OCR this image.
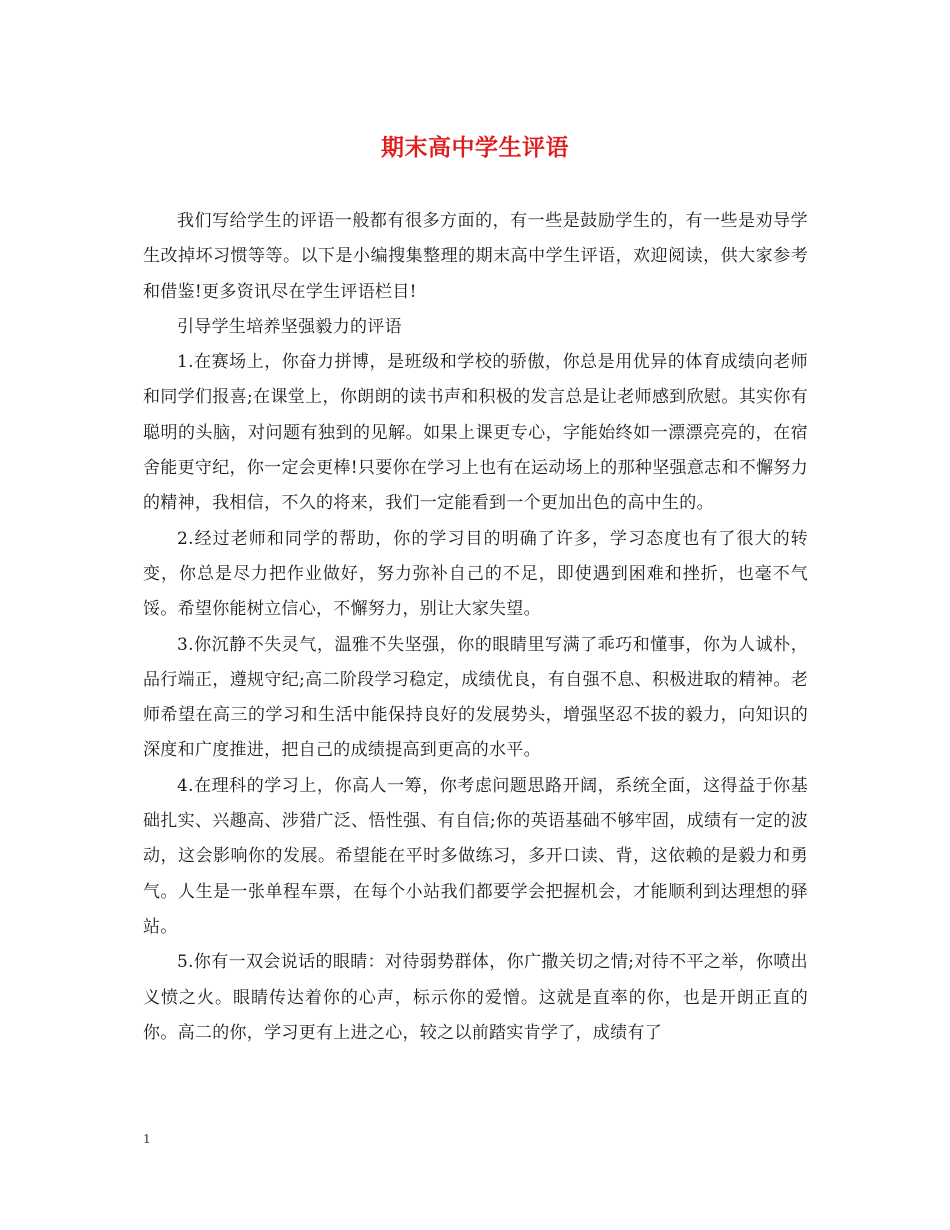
期末高中学生评语

我们写给学生的评语一般都有很多方面的，有一些是鼓励学生的，有一些是劝导学生改掉坏习惯等等。以下是小编搜集整理的期末高中学生评语，欢迎阅读，供大家参考和借鉴!更多资讯尽在学生评语栏目!

引导学生培养坚强毅力的评语

1.在赛场上，你奋力拼博，是班级和学校的骄傲，你总是用优异的体育成绩向老师和同学们报喜;在课堂上，你朗朗的读书声和积极的发言总是让老师感到欣慰。其实你有聪明的头脑，对问题有独到的见解。如果上课更专心，字能始终如一漂漂亮亮的，在宿舍能更守纪，你一定会更棒!只要你在学习上也有在运动场上的那种坚强意志和不懈努力的精神，我相信，不久的将来，我们一定能看到一个更加出色的高中生的。

2.经过老师和同学的帮助，你的学习目的明确了许多，学习态度也有了很大的转变，你总是尽力把作业做好，努力弥补自己的不足，即使遇到困难和挫折，也毫不气馁。希望你能树立信心，不懈努力，别让大家失望。

3.你沉静不失灵气，温雅不失坚强，你的眼睛里写满了乖巧和懂事，你为人诚朴，品行端正，遵规守纪;高二阶段学习稳定，成绩优良，有自强不息、积极进取的精神。老师希望在高三的学习和生活中能保持良好的发展势头，增强坚忍不拔的毅力，向知识的深度和广度推进，把自己的成绩提高到更高的水平。

4.在理科的学习上，你高人一筹，你考虑问题思路开阔，系统全面，这得益于你基础扎实、兴趣高、涉猎广泛、悟性强、有自信;你的英语基础不够牢固，成绩有一定的波动，这会影响你的发展。希望能在平时多做练习，多开口读、背，这依赖的是毅力和勇气。人生是一张单程车票，在每个小站我们都要学会把握机会，才能顺利到达理想的驿站。

5.你有一双会说话的眼睛：对待弱势群体，你广撒关切之情;对待不平之举，你喷出义愤之火。眼睛传达着你的心声，标示你的爱憎。这就是直率的你，也是开朗正直的你。高二的你，学习更有上进之心，较之以前踏实肯学了，成绩有了

1
